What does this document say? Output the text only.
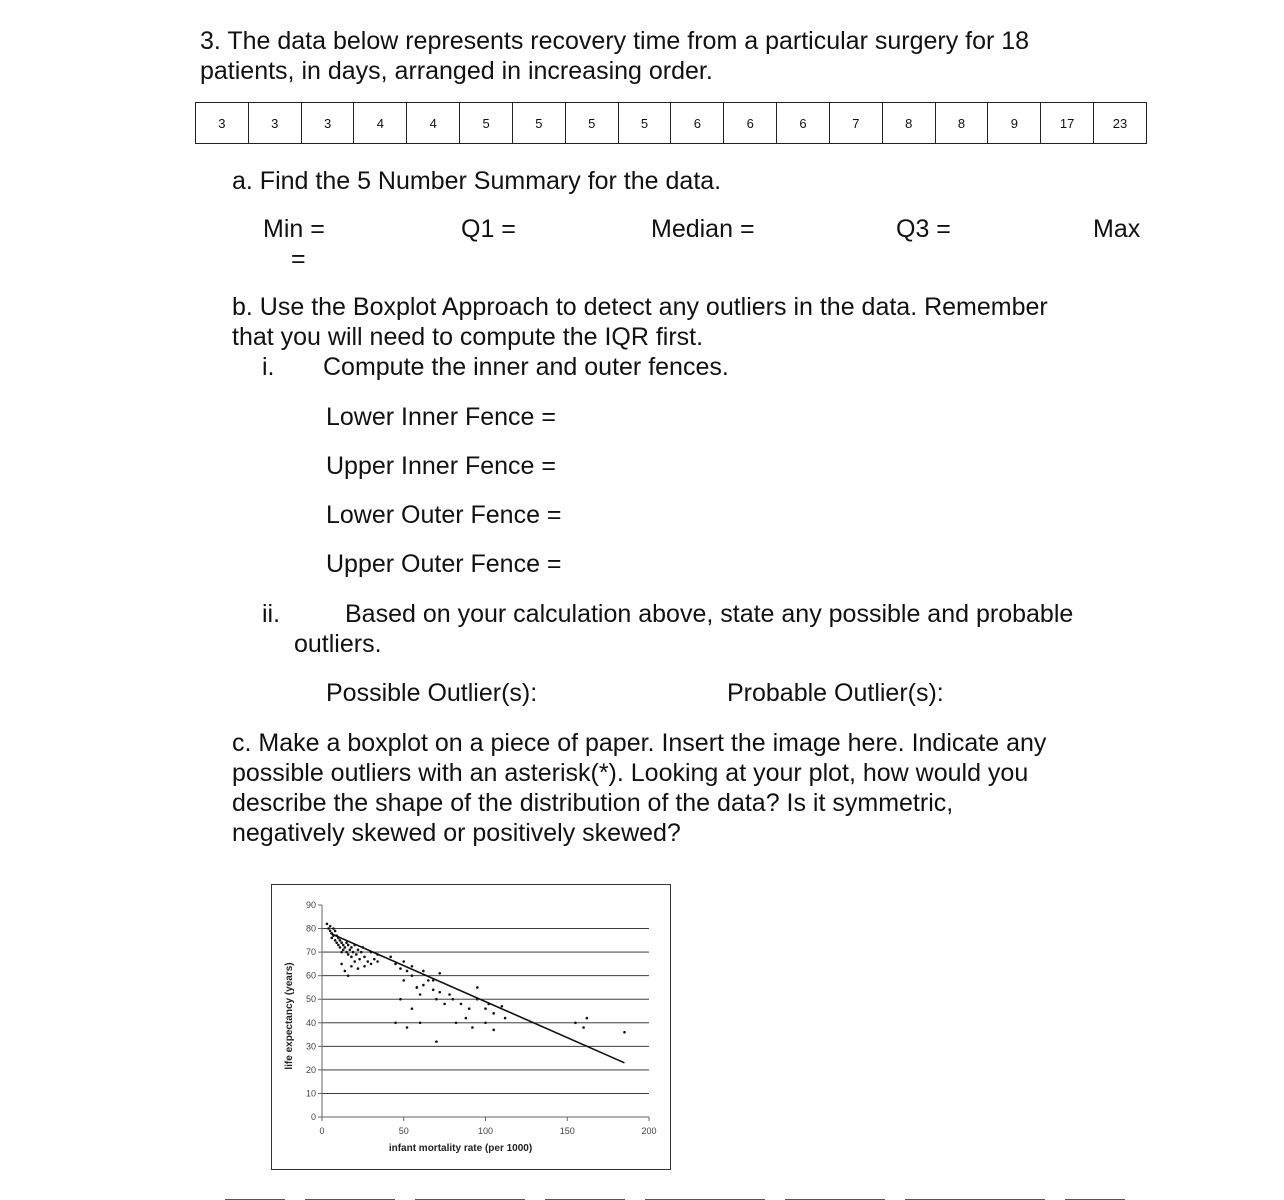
3. The data below represents recovery time from a particular surgery for 18
patients, in days, arranged in increasing order.
3	3	3	4	4	5	5	5	5	6	6	6	7	8	8	9	17	23
a. Find the 5 Number Summary for the data.
Min =	Q1 =	Median =	Q3 =	Max
=
b. Use the Boxplot Approach to detect any outliers in the data. Remember
that you will need to compute the IQR first.
i. Compute the inner and outer fences.
Lower Inner Fence =
Upper Inner Fence =
Lower Outer Fence =
Upper Outer Fence =
ii.	Based on your calculation above, state any possible and probable
outliers.
Possible Outlier(s):	Probable Outlier(s):
c. Make a boxplot on a piece of paper. Insert the image here. Indicate any
possible outliers with an asterisk(*). Looking at your plot, how would you
describe the shape of the distribution of the data? Is it symmetric,
negatively skewed or positively skewed?
0
10
20
30
40
50
60
70
80
90
0	50	100	150	200
infant mortality rate (per 1000)
life expectancy (years)
